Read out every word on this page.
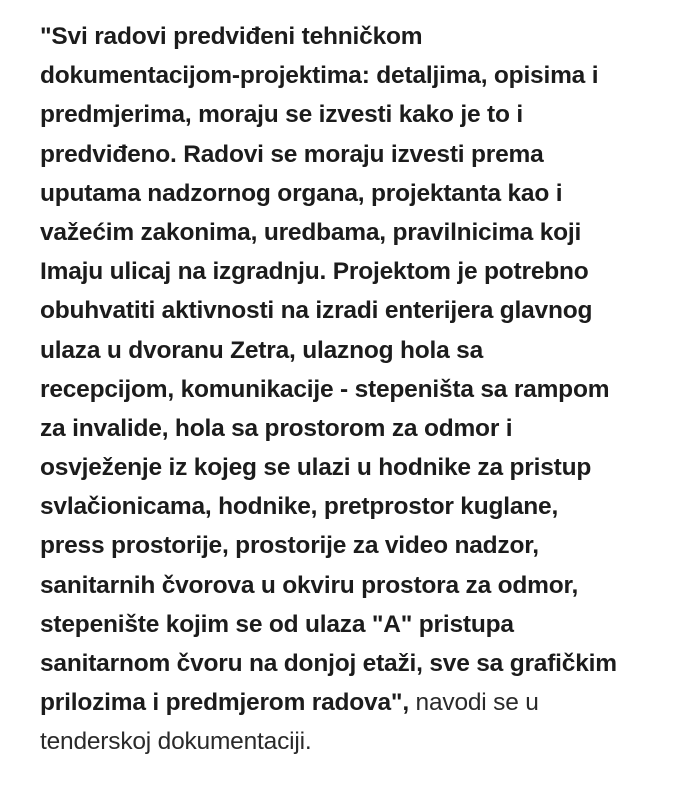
"Svi radovi predviđeni tehničkom
dokumentacijom-projektima: detaljima, opisima i
predmjerima, moraju se izvesti kako je to i
predviđeno. Radovi se moraju izvesti prema
uputama nadzornog organa, projektanta kao i
važećim zakonima, uredbama, pravilnicima koji
Imaju ulicaj na izgradnju. Projektom je potrebno
obuhvatiti aktivnosti na izradi enterijera glavnog
ulaza u dvoranu Zetra, ulaznog hola sa
recepcijom, komunikacije - stepeništa sa rampom
za invalide, hola sa prostorom za odmor i
osvježenje iz kojeg se ulazi u hodnike za pristup
svlačionicama, hodnike, pretprostor kuglane,
press prostorije, prostorije za video nadzor,
sanitarnih čvorova u okviru prostora za odmor,
stepenište kojim se od ulaza "A" pristupa
sanitarnom čvoru na donjoj etaži, sve sa grafičkim
prilozima i predmjerom radova", navodi se u
tenderskoj dokumentaciji.
